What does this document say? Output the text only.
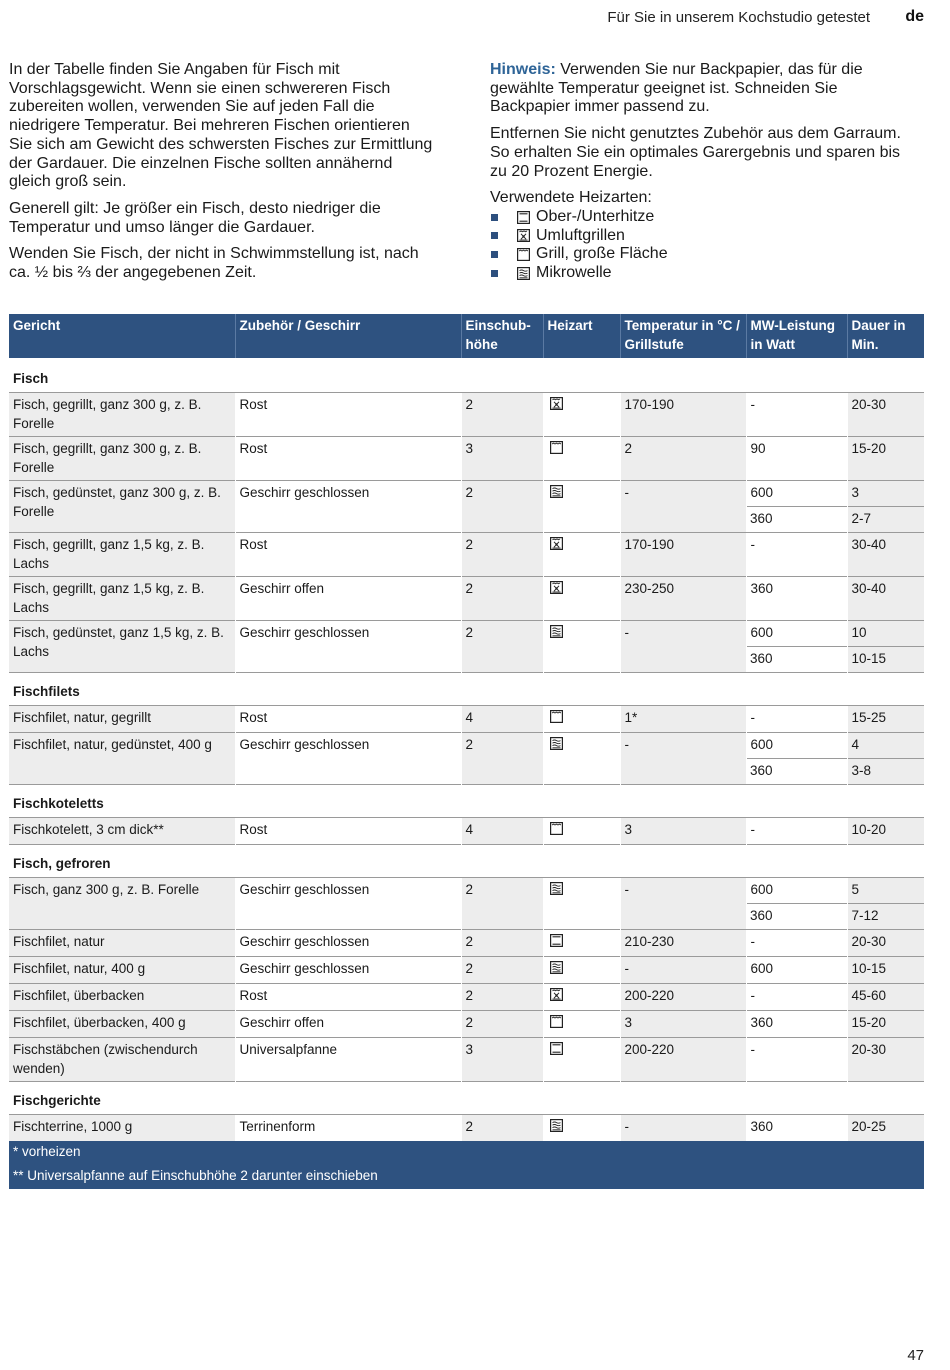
Für Sie in unserem Kochstudio getestet de

In der Tabelle finden Sie Angaben für Fisch mit Vorschlagsgewicht. Wenn sie einen schwereren Fisch zubereiten wollen, verwenden Sie auf jeden Fall die niedrigere Temperatur. Bei mehreren Fischen orientieren Sie sich am Gewicht des schwersten Fisches zur Ermittlung der Gardauer. Die einzelnen Fische sollten annähernd gleich groß sein.

Generell gilt: Je größer ein Fisch, desto niedriger die Temperatur und umso länger die Gardauer.

Wenden Sie Fisch, der nicht in Schwimmstellung ist, nach ca. ½ bis ⅔ der angegebenen Zeit.

Hinweis: Verwenden Sie nur Backpapier, das für die gewählte Temperatur geeignet ist. Schneiden Sie Backpapier immer passend zu.

Entfernen Sie nicht genutztes Zubehör aus dem Garraum. So erhalten Sie ein optimales Garergebnis und sparen bis zu 20 Prozent Energie.

Verwendete Heizarten:
Ober-/Unterhitze
Umluftgrillen
Grill, große Fläche
Mikrowelle
Gericht	Zubehör / Geschirr	Einschub-höhe	Heizart	Temperatur in °C / Grillstufe	MW-Leistung in Watt	Dauer in Min.
Fisch						
Fisch, gegrillt, ganz 300 g, z. B. Forelle	Rost	2		170-190	-	20-30
Fisch, gegrillt, ganz 300 g, z. B. Forelle	Rost	3		2	90	15-20
Fisch, gedünstet, ganz 300 g, z. B. Forelle	Geschirr geschlossen	2		-	600	3
					360	2-7
Fisch, gegrillt, ganz 1,5 kg, z. B. Lachs	Rost	2		170-190	-	30-40
Fisch, gegrillt, ganz 1,5 kg, z. B. Lachs	Geschirr offen	2		230-250	360	30-40
Fisch, gedünstet, ganz 1,5 kg, z. B. Lachs	Geschirr geschlossen	2		-	600	10
					360	10-15
Fischfilets						
Fischfilet, natur, gegrillt	Rost	4		1*	-	15-25
Fischfilet, natur, gedünstet, 400 g	Geschirr geschlossen	2		-	600	4
					360	3-8
Fischkoteletts						
Fischkotelett, 3 cm dick**	Rost	4		3	-	10-20
Fisch, gefroren						
Fisch, ganz 300 g, z. B. Forelle	Geschirr geschlossen	2		-	600	5
					360	7-12
Fischfilet, natur	Geschirr geschlossen	2		210-230	-	20-30
Fischfilet, natur, 400 g	Geschirr geschlossen	2		-	600	10-15
Fischfilet, überbacken	Rost	2		200-220	-	45-60
Fischfilet, überbacken, 400 g	Geschirr offen	2		3	360	15-20
Fischstäbchen (zwischendurch wenden)	Universalpfanne	3		200-220	-	20-30
Fischgerichte						
Fischterrine, 1000 g	Terrinenform	2		-	360	20-25
* vorheizen						
** Universalpfanne auf Einschubhöhe 2 darunter einschieben						
47
